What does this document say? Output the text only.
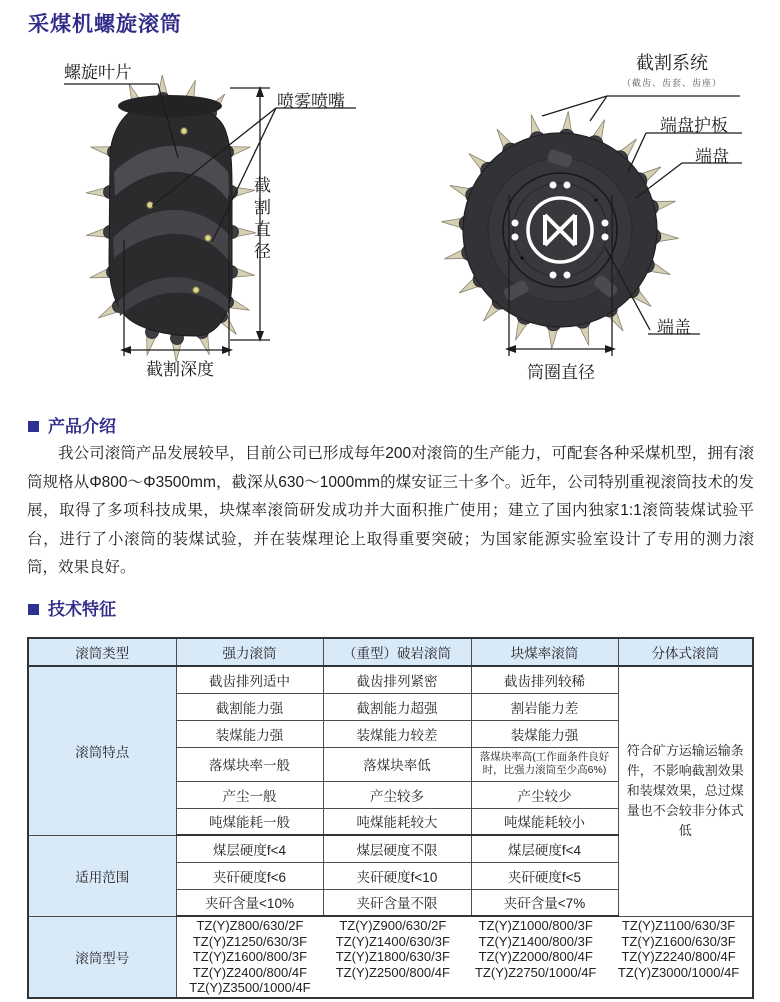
采煤机螺旋滚筒
螺旋叶片
喷雾喷嘴
截割直径
截割深度
截割系统
（截齿、齿套、齿座）
端盘护板
端盘
端盖
筒圈直径
产品介绍
我公司滚筒产品发展较早，目前公司已形成每年200对滚筒的生产能力，可配套各种采煤机型，拥有滚筒规格从Φ800～Φ3500mm，截深从630～1000mm的煤安证三十多个。近年，公司特别重视滚筒技术的发展，取得了多项科技成果，块煤率滚筒研发成功并大面积推广使用；建立了国内独家1:1滚筒装煤试验平台，进行了小滚筒的装煤试验，并在装煤理论上取得重要突破；为国家能源实验室设计了专用的测力滚筒，效果良好。
技术特征
滚筒类型	强力滚筒	（重型）破岩滚筒	块煤率滚筒	分体式滚筒
滚筒特点	截齿排列适中	截齿排列紧密	截齿排列较稀	符合矿方运输运输条件，不影响截割效果和装煤效果，总过煤量也不会较非分体式低
	截割能力强	截割能力超强	割岩能力差	
	装煤能力强	装煤能力较差	装煤能力强	
	落煤块率一般	落煤块率低	落煤块率高(工作面条件良好时，比强力滚筒至少高6%)	
	产尘一般	产尘较多	产尘较少	
	吨煤能耗一般	吨煤能耗较大	吨煤能耗较小	
适用范围	煤层硬度f<4	煤层硬度不限	煤层硬度f<4	
	夹矸硬度f<6	夹矸硬度f<10	夹矸硬度f<5	
	夹矸含量<10%	夹矸含量不限	夹矸含量<7%	
滚筒型号	
TZ(Y)Z800/630/2F	TZ(Y)Z900/630/2F	TZ(Y)Z1000/800/3F	TZ(Y)Z1100/630/3F
TZ(Y)Z1250/630/3F	TZ(Y)Z1400/630/3F	TZ(Y)Z1400/800/3F	TZ(Y)Z1600/630/3F
TZ(Y)Z1600/800/3F	TZ(Y)Z1800/630/3F	TZ(Y)Z2000/800/4F	TZ(Y)Z2240/800/4F
TZ(Y)Z2400/800/4F	TZ(Y)Z2500/800/4F	TZ(Y)Z2750/1000/4F	TZ(Y)Z3000/1000/4F
TZ(Y)Z3500/1000/4F
